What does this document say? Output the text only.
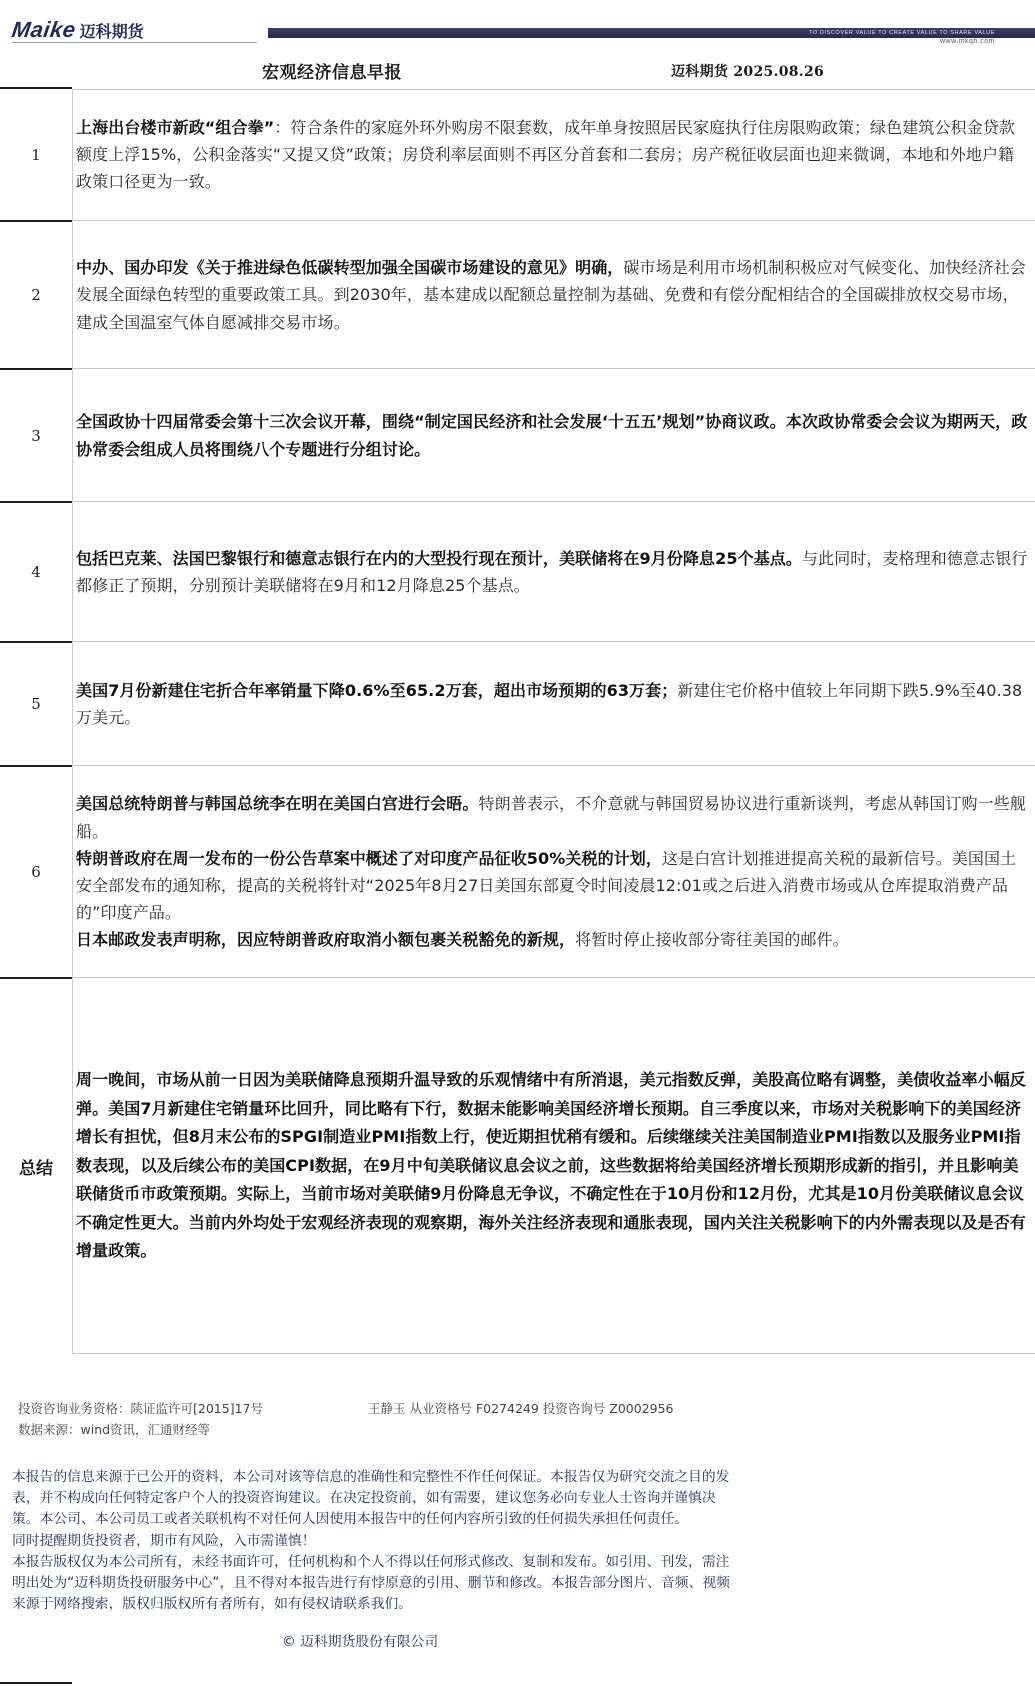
Maike 迈科期货	TO DISCOVER VALUE TO CREATE VALUE TO SHARE VALUE
www.mkqh.com
宏观经济信息早报	迈科期货 2025.08.26
1

上海出台楼市新政“组合拳”：符合条件的家庭外环外购房不限套数，成年单身按照居民家庭执行住房限购政策；绿色建筑公积金贷款额度上浮15%，公积金落实“又提又贷”政策；房贷利率层面则不再区分首套和二套房；房产税征收层面也迎来微调，本地和外地户籍政策口径更为一致。

2

中办、国办印发《关于推进绿色低碳转型加强全国碳市场建设的意见》明确，碳市场是利用市场机制积极应对气候变化、加快经济社会发展全面绿色转型的重要政策工具。到2030年，基本建成以配额总量控制为基础、免费和有偿分配相结合的全国碳排放权交易市场，建成全国温室气体自愿减排交易市场。

3

全国政协十四届常委会第十三次会议开幕，围绕“制定国民经济和社会发展‘十五五’规划”协商议政。本次政协常委会会议为期两天，政协常委会组成人员将围绕八个专题进行分组讨论。

4

包括巴克莱、法国巴黎银行和德意志银行在内的大型投行现在预计，美联储将在9月份降息25个基点。与此同时，麦格理和德意志银行都修正了预期，分别预计美联储将在9月和12月降息25个基点。

5

美国7月份新建住宅折合年率销量下降0.6%至65.2万套，超出市场预期的63万套；新建住宅价格中值较上年同期下跌5.9%至40.38万美元。

6

美国总统特朗普与韩国总统李在明在美国白宫进行会晤。特朗普表示，不介意就与韩国贸易协议进行重新谈判，考虑从韩国订购一些舰船。
特朗普政府在周一发布的一份公告草案中概述了对印度产品征收50%关税的计划，这是白宫计划推进提高关税的最新信号。美国国土安全部发布的通知称，提高的关税将针对“2025年8月27日美国东部夏令时间凌晨12:01或之后进入消费市场或从仓库提取消费产品的”印度产品。
日本邮政发表声明称，因应特朗普政府取消小额包裹关税豁免的新规，将暂时停止接收部分寄往美国的邮件。

总结

周一晚间，市场从前一日因为美联储降息预期升温导致的乐观情绪中有所消退，美元指数反弹，美股高位略有调整，美债收益率小幅反弹。美国7月新建住宅销量环比回升，同比略有下行，数据未能影响美国经济增长预期。自三季度以来，市场对关税影响下的美国经济增长有担忧，但8月末公布的SPGI制造业PMI指数上行，使近期担忧稍有缓和。后续继续关注美国制造业PMI指数以及服务业PMI指数表现，以及后续公布的美国CPI数据，在9月中旬美联储议息会议之前，这些数据将给美国经济增长预期形成新的指引，并且影响美联储货币市政策预期。实际上，当前市场对美联储9月份降息无争议，不确定性在于10月份和12月份，尤其是10月份美联储议息会议不确定性更大。当前内外均处于宏观经济表现的观察期，海外关注经济表现和通胀表现，国内关注关税影响下的内外需表现以及是否有增量政策。

投资咨询业务资格：陕证监许可[2015]17号	王静玉 从业资格号 F0274249 投资咨询号 Z0002956
数据来源：wind资讯，汇通财经等

本报告的信息来源于已公开的资料，本公司对该等信息的准确性和完整性不作任何保证。本报告仅为研究交流之目的发表，并不构成向任何特定客户个人的投资咨询建议。在决定投资前，如有需要，建议您务必向专业人士咨询并谨慎决策。本公司、本公司员工或者关联机构不对任何人因使用本报告中的任何内容所引致的任何损失承担任何责任。

同时提醒期货投资者，期市有风险，入市需谨慎！

本报告版权仅为本公司所有，未经书面许可，任何机构和个人不得以任何形式修改、复制和发布。如引用、刊发，需注明出处为“迈科期货投研服务中心”，且不得对本报告进行有悖原意的引用、删节和修改。本报告部分图片、音频、视频来源于网络搜索，版权归版权所有者所有，如有侵权请联系我们。

© 迈科期货股份有限公司
